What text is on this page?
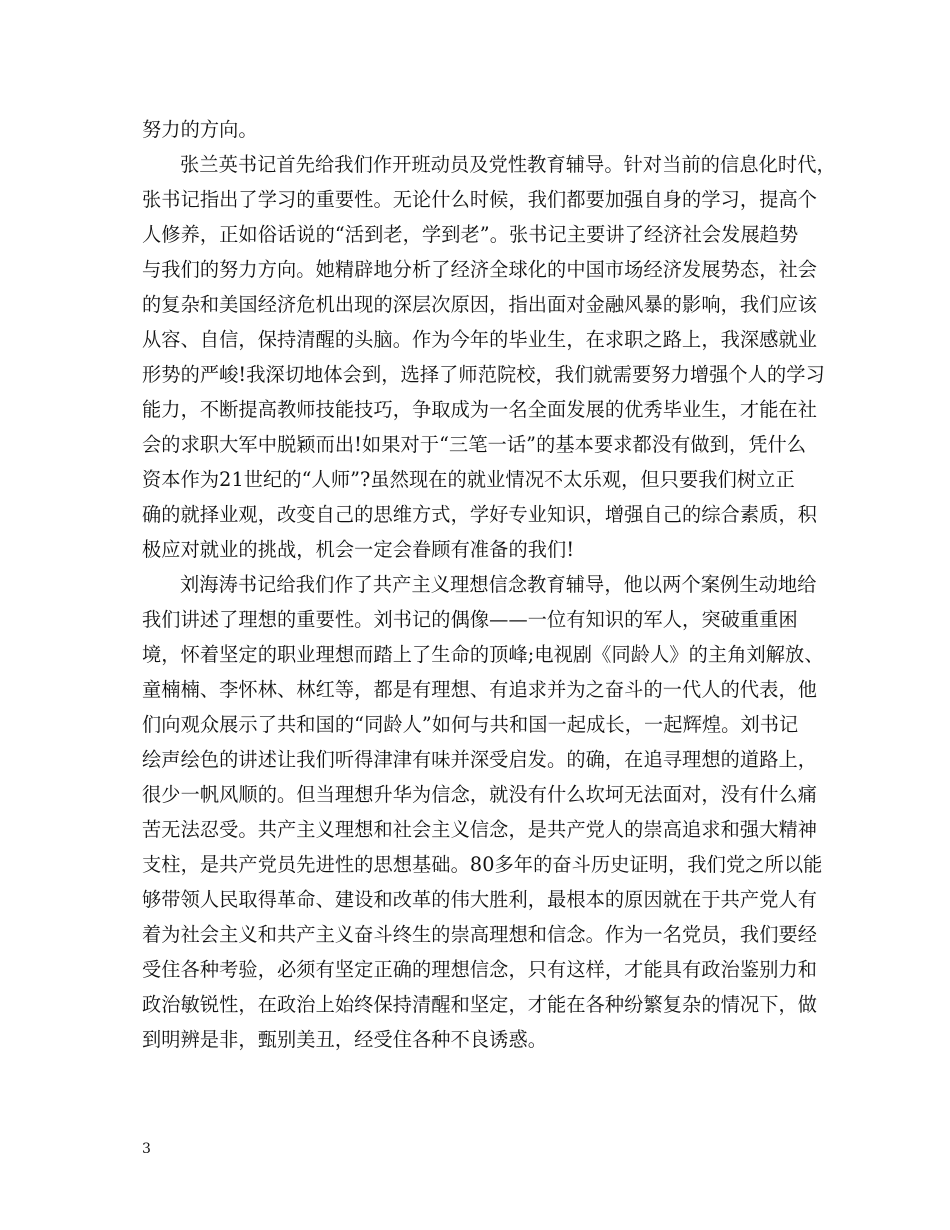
努力的方向。
张兰英书记首先给我们作开班动员及党性教育辅导。针对当前的信息化时代，
张书记指出了学习的重要性。无论什么时候，我们都要加强自身的学习，提高个
人修养，正如俗话说的“活到老，学到老”。张书记主要讲了经济社会发展趋势
与我们的努力方向。她精辟地分析了经济全球化的中国市场经济发展势态，社会
的复杂和美国经济危机出现的深层次原因，指出面对金融风暴的影响，我们应该
从容、自信，保持清醒的头脑。作为今年的毕业生，在求职之路上，我深感就业
形势的严峻!我深切地体会到，选择了师范院校，我们就需要努力增强个人的学习
能力，不断提高教师技能技巧，争取成为一名全面发展的优秀毕业生，才能在社
会的求职大军中脱颖而出!如果对于“三笔一话”的基本要求都没有做到，凭什么
资本作为21世纪的“人师”?虽然现在的就业情况不太乐观，但只要我们树立正
确的就择业观，改变自己的思维方式，学好专业知识，增强自己的综合素质，积
极应对就业的挑战，机会一定会眷顾有准备的我们!
刘海涛书记给我们作了共产主义理想信念教育辅导，他以两个案例生动地给
我们讲述了理想的重要性。刘书记的偶像——一位有知识的军人，突破重重困
境，怀着坚定的职业理想而踏上了生命的顶峰;电视剧《同龄人》的主角刘解放、
童楠楠、李怀林、林红等，都是有理想、有追求并为之奋斗的一代人的代表，他
们向观众展示了共和国的“同龄人”如何与共和国一起成长，一起辉煌。刘书记
绘声绘色的讲述让我们听得津津有味并深受启发。的确，在追寻理想的道路上，
很少一帆风顺的。但当理想升华为信念，就没有什么坎坷无法面对，没有什么痛
苦无法忍受。共产主义理想和社会主义信念，是共产党人的崇高追求和强大精神
支柱，是共产党员先进性的思想基础。80多年的奋斗历史证明，我们党之所以能
够带领人民取得革命、建设和改革的伟大胜利，最根本的原因就在于共产党人有
着为社会主义和共产主义奋斗终生的崇高理想和信念。作为一名党员，我们要经
受住各种考验，必须有坚定正确的理想信念，只有这样，才能具有政治鉴别力和
政治敏锐性，在政治上始终保持清醒和坚定，才能在各种纷繁复杂的情况下，做
到明辨是非，甄别美丑，经受住各种不良诱惑。
3
